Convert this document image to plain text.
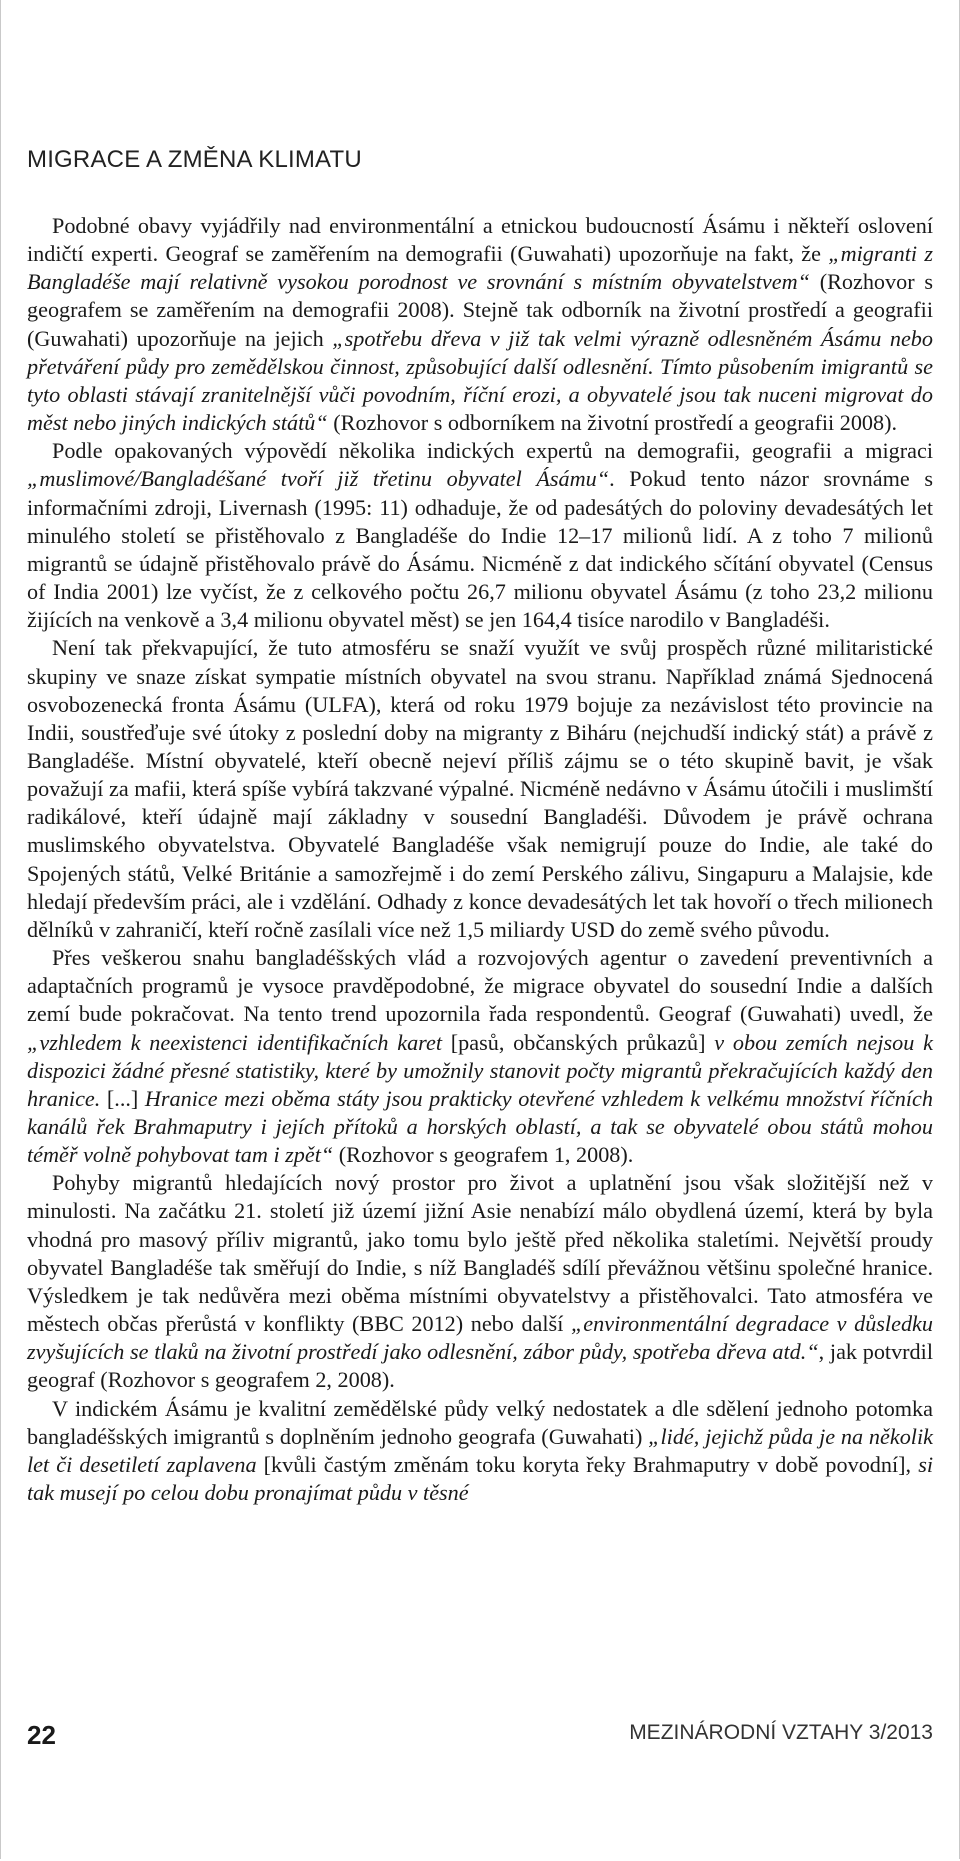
MIGRACE A ZMĚNA KLIMATU

Podobné obavy vyjádřily nad environmentální a etnickou budoucností Ásámu i někteří oslovení indičtí experti. Geograf se zaměřením na demografii (Guwahati) upozorňuje na fakt, že „migranti z Bangladéše mají relativně vysokou porodnost ve srovnání s místním obyvatelstvem“ (Rozhovor s geografem se zaměřením na demografii 2008). Stejně tak odborník na životní prostředí a geografii (Guwahati) upozorňuje na jejich „spotřebu dřeva v již tak velmi výrazně odlesněném Ásámu nebo přetváření půdy pro zemědělskou činnost, způsobující další odlesnění. Tímto působením imigrantů se tyto oblasti stávají zranitelnější vůči povodním, říční erozi, a obyvatelé jsou tak nuceni migrovat do měst nebo jiných indických států“ (Rozhovor s odborníkem na životní prostředí a geografii 2008).

Podle opakovaných výpovědí několika indických expertů na demografii, geografii a migraci „muslimové/Bangladéšané tvoří již třetinu obyvatel Ásámu“. Pokud tento názor srovnáme s informačními zdroji, Livernash (1995: 11) odhaduje, že od padesátých do poloviny devadesátých let minulého století se přistěhovalo z Bangladéše do Indie 12–17 milionů lidí. A z toho 7 milionů migrantů se údajně přistěhovalo právě do Ásámu. Nicméně z dat indického sčítání obyvatel (Census of India 2001) lze vyčíst, že z celkového počtu 26,7 milionu obyvatel Ásámu (z toho 23,2 milionu žijících na venkově a 3,4 milionu obyvatel měst) se jen 164,4 tisíce narodilo v Bangladéši.

Není tak překvapující, že tuto atmosféru se snaží využít ve svůj prospěch různé militaristické skupiny ve snaze získat sympatie místních obyvatel na svou stranu. Například známá Sjednocená osvobozenecká fronta Ásámu (ULFA), která od roku 1979 bojuje za nezávislost této provincie na Indii, soustřeďuje své útoky z poslední doby na migranty z Biháru (nejchudší indický stát) a právě z Bangladéše. Místní obyvatelé, kteří obecně nejeví příliš zájmu se o této skupině bavit, je však považují za mafii, která spíše vybírá takzvané výpalné. Nicméně nedávno v Ásámu útočili i muslimští radikálové, kteří údajně mají základny v sousední Bangladéši. Důvodem je právě ochrana muslimského obyvatelstva. Obyvatelé Bangladéše však nemigrují pouze do Indie, ale také do Spojených států, Velké Británie a samozřejmě i do zemí Perského zálivu, Singapuru a Malajsie, kde hledají především práci, ale i vzdělání. Odhady z konce devadesátých let tak hovoří o třech milionech dělníků v zahraničí, kteří ročně zasílali více než 1,5 miliardy USD do země svého původu.

Přes veškerou snahu bangladéšských vlád a rozvojových agentur o zavedení preventivních a adaptačních programů je vysoce pravděpodobné, že migrace obyvatel do sousední Indie a dalších zemí bude pokračovat. Na tento trend upozornila řada respondentů. Geograf (Guwahati) uvedl, že „vzhledem k neexistenci identifikačních karet [pasů, občanských průkazů] v obou zemích nejsou k dispozici žádné přesné statistiky, které by umožnily stanovit počty migrantů překračujících každý den hranice. [...] Hranice mezi oběma státy jsou prakticky otevřené vzhledem k velkému množství říčních kanálů řek Brahmaputry i jejích přítoků a horských oblastí, a tak se obyvatelé obou států mohou téměř volně pohybovat tam i zpět“ (Rozhovor s geografem 1, 2008).

Pohyby migrantů hledajících nový prostor pro život a uplatnění jsou však složitější než v minulosti. Na začátku 21. století již území jižní Asie nenabízí málo obydlená území, která by byla vhodná pro masový příliv migrantů, jako tomu bylo ještě před několika staletími. Největší proudy obyvatel Bangladéše tak směřují do Indie, s níž Bangladéš sdílí převážnou většinu společné hranice. Výsledkem je tak nedůvěra mezi oběma místními obyvatelstvy a přistěhovalci. Tato atmosféra ve městech občas přerůstá v konflikty (BBC 2012) nebo další „environmentální degradace v důsledku zvyšujících se tlaků na životní prostředí jako odlesnění, zábor půdy, spotřeba dřeva atd.“, jak potvrdil geograf (Rozhovor s geografem 2, 2008).

V indickém Ásámu je kvalitní zemědělské půdy velký nedostatek a dle sdělení jednoho potomka bangladéšských imigrantů s doplněním jednoho geografa (Guwahati) „lidé, jejichž půda je na několik let či desetiletí zaplavena [kvůli častým změnám toku koryta řeky Brahmaputry v době povodní], si tak musejí po celou dobu pronajímat půdu v těsné

22	MEZINÁRODNÍ VZTAHY 3/2013
